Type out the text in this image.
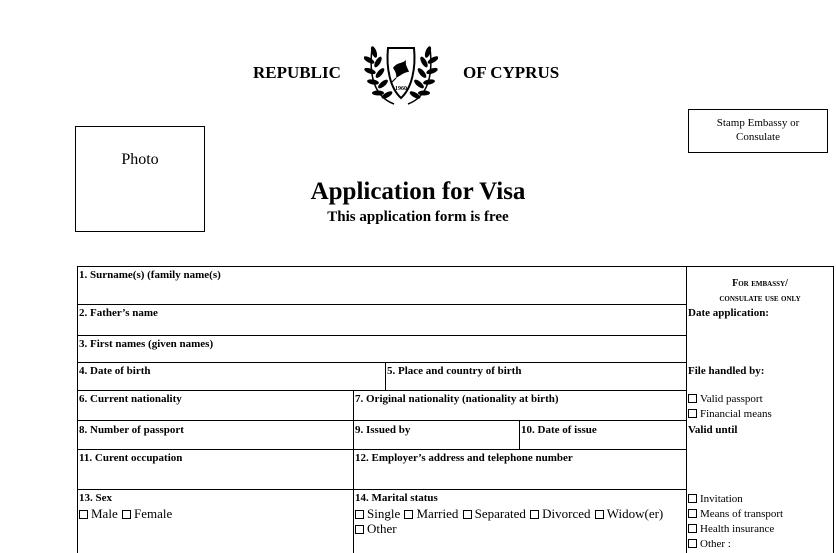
REPUBLIC	OF CYPRUS
1960
Photo
Stamp Embassy or
Consulate
Application for Visa
This application form is free
1. Surname(s) (family name(s)
2. Father’s name
3. First names (given names)
4. Date of birth	5. Place and country of birth
6. Current nationality	7. Original nationality (nationality at birth)
8. Number of passport	9. Issued by	10. Date of issue
11. Curent occupation	12. Employer’s address and telephone number
13. Sex	14. Marital status
Male Female	Single Married Separated Divorced Widow(er)
Other
For embassy/
consulate use only
Date application:
File handled by:
Valid passport
Financial means
Valid until
Invitation
Means of transport
Health insurance
Other :
